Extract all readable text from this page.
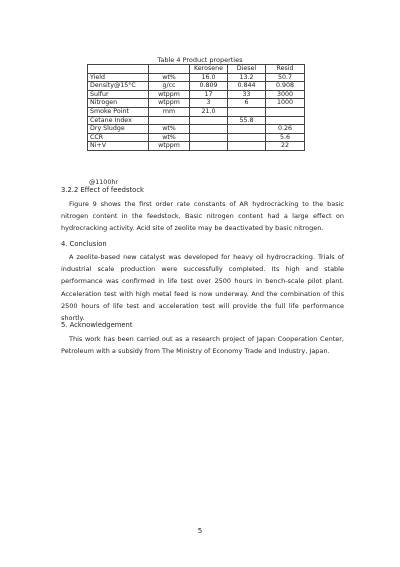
Table 4 Product properties
		Kerosene	Diesel	Resid
Yield	wt%	16.0	13.2	50.7
Density@15°C	g/cc	0.809	0.844	0.908
Sulfur	wtppm	17	33	3000
Nitrogen	wtppm	3	6	1000
Smoke Point	mm	21.0		
Cetane Index			55.8	
Dry Sludge	wt%			0.26
CCR	wt%			5.6
Ni+V	wtppm			22
@1100hr
3.2.2 Effect of feedstock
Figure 9 shows the first order rate constants of AR hydrocracking to the basic nitrogen content in the feedstock, Basic nitrogen content had a large effect on hydrocracking activity. Acid site of zeolite may be deactivated by basic nitrogen.
4. Conclusion
A zeolite-based new catalyst was developed for heavy oil hydrocracking. Trials of industrial scale production were successfully completed. Its high and stable performance was confirmed in life test over 2500 hours in bench-scale pilot plant. Acceleration test with high metal feed is now underway. And the combination of this 2500 hours of life test and acceleration test will provide the full life performance shortly.
5. Acknowledgement
This work has been carried out as a research project of Japan Cooperation Center, Petroleum with a subsidy from The Ministry of Economy Trade and Industry, Japan.
5
